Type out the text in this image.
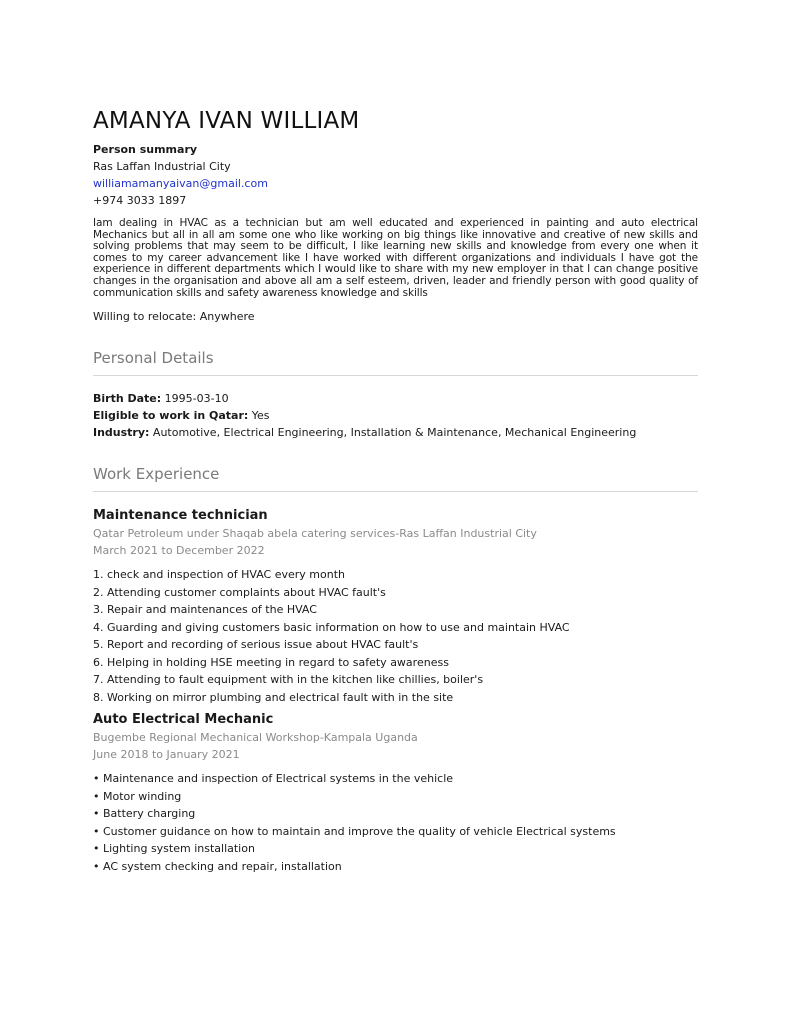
AMANYA IVAN WILLIAM
Person summary
Ras Laffan Industrial City
williamamanyaivan@gmail.com
+974 3033 1897
Iam dealing in HVAC as a technician but am well educated and experienced in painting and auto electrical Mechanics but all in all am some one who like working on big things like innovative and creative of new skills and solving problems that may seem to be difficult, I like learning new skills and knowledge from every one when it comes to my career advancement like I have worked with different organizations and individuals I have got the experience in different departments which I would like to share with my new employer in that I can change positive changes in the organisation and above all am a self esteem, driven, leader and friendly person with good quality of communication skills and safety awareness knowledge and skills
Willing to relocate: Anywhere
Personal Details
Birth Date: 1995-03-10
Eligible to work in Qatar: Yes
Industry: Automotive, Electrical Engineering, Installation & Maintenance, Mechanical Engineering
Work Experience
Maintenance technician
Qatar Petroleum under Shaqab abela catering services-Ras Laffan Industrial City
March 2021 to December 2022
1. check and inspection of HVAC every month
2. Attending customer complaints about HVAC fault's
3. Repair and maintenances of the HVAC
4. Guarding and giving customers basic information on how to use and maintain HVAC
5. Report and recording of serious issue about HVAC fault's
6. Helping in holding HSE meeting in regard to safety awareness
7. Attending to fault equipment with in the kitchen like chillies, boiler's
8. Working on mirror plumbing and electrical fault with in the site
Auto Electrical Mechanic
Bugembe Regional Mechanical Workshop-Kampala Uganda
June 2018 to January 2021
• Maintenance and inspection of Electrical systems in the vehicle
• Motor winding
• Battery charging
• Customer guidance on how to maintain and improve the quality of vehicle Electrical systems
• Lighting system installation
• AC system checking and repair, installation
